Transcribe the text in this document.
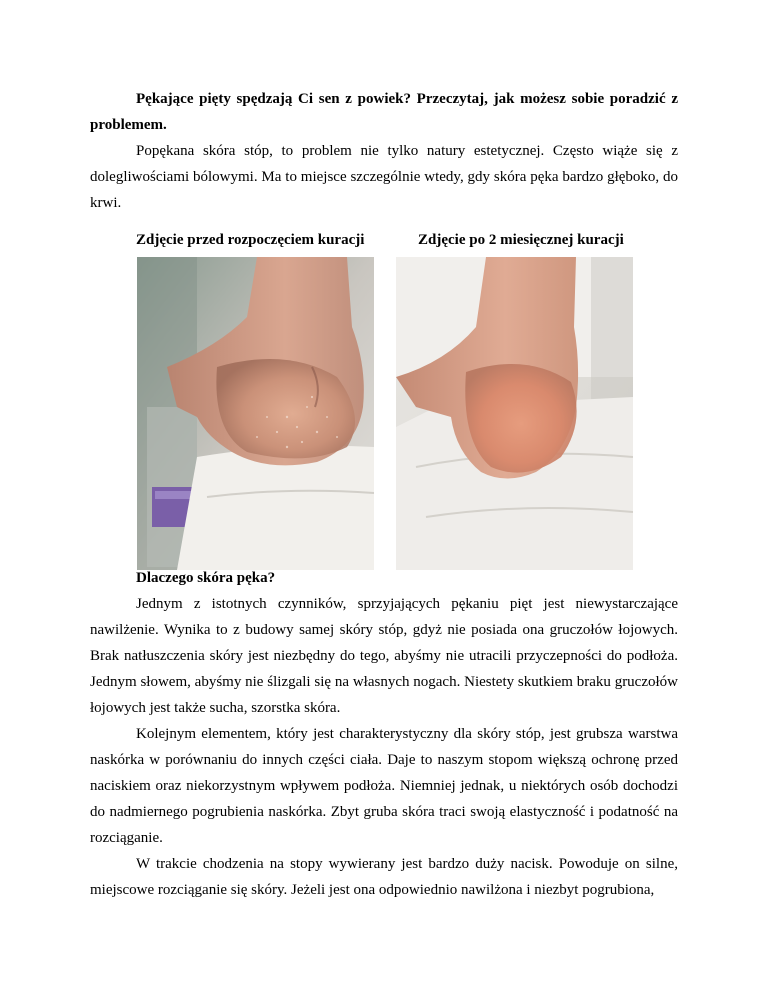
Pękające pięty spędzają Ci sen z powiek? Przeczytaj, jak możesz sobie poradzić z problemem.

Popękana skóra stóp, to problem nie tylko natury estetycznej. Często wiąże się z dolegliwościami bólowymi. Ma to miejsce szczególnie wtedy, gdy skóra pęka bardzo głęboko, do krwi.

Zdjęcie przed rozpoczęciem kuracji	Zdjęcie po 2 miesięcznej kuracji

Dlaczego skóra pęka?

Jednym z istotnych czynników, sprzyjających pękaniu pięt jest niewystarczające nawilżenie. Wynika to z budowy samej skóry stóp, gdyż nie posiada ona gruczołów łojowych. Brak natłuszczenia skóry jest niezbędny do tego, abyśmy nie utracili przyczepności do podłoża. Jednym słowem, abyśmy nie ślizgali się na własnych nogach. Niestety skutkiem braku gruczołów łojowych jest także sucha, szorstka skóra.

Kolejnym elementem, który jest charakterystyczny dla skóry stóp, jest grubsza warstwa naskórka w porównaniu do innych części ciała. Daje to naszym stopom większą ochronę przed naciskiem oraz niekorzystnym wpływem podłoża. Niemniej jednak, u niektórych osób dochodzi do nadmiernego pogrubienia naskórka. Zbyt gruba skóra traci swoją elastyczność i podatność na rozciąganie.

W trakcie chodzenia na stopy wywierany jest bardzo duży nacisk. Powoduje on silne, miejscowe rozciąganie się skóry. Jeżeli jest ona odpowiednio nawilżona i niezbyt pogrubiona,
